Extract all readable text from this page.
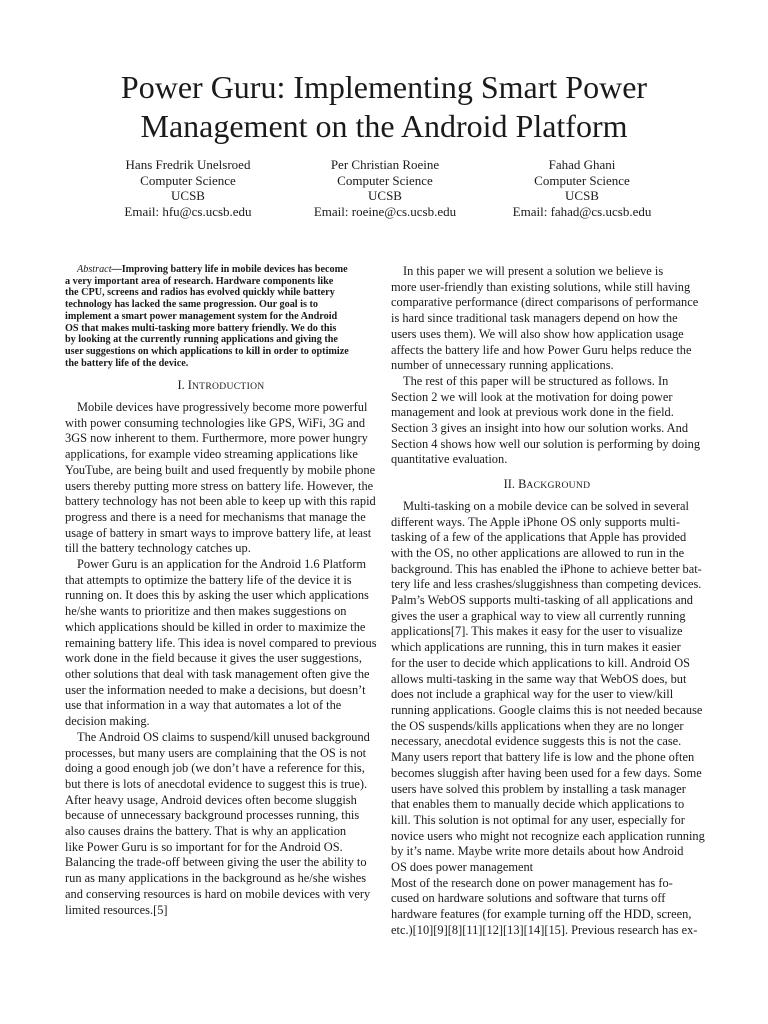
Power Guru: Implementing Smart Power
Management on the Android Platform
Hans Fredrik Unelsroed
Computer Science
UCSB
Email: hfu@cs.ucsb.edu
Per Christian Roeine
Computer Science
UCSB
Email: roeine@cs.ucsb.edu
Fahad Ghani
Computer Science
UCSB
Email: fahad@cs.ucsb.edu
Abstract—Improving battery life in mobile devices has become
a very important area of research. Hardware components like
the CPU, screens and radios has evolved quickly while battery
technology has lacked the same progression. Our goal is to
implement a smart power management system for the Android
OS that makes multi-tasking more battery friendly. We do this
by looking at the currently running applications and giving the
user suggestions on which applications to kill in order to optimize
the battery life of the device.
I. INTRODUCTION
Mobile devices have progressively become more powerful
with power consuming technologies like GPS, WiFi, 3G and
3GS now inherent to them. Furthermore, more power hungry
applications, for example video streaming applications like
YouTube, are being built and used frequently by mobile phone
users thereby putting more stress on battery life. However, the
battery technology has not been able to keep up with this rapid
progress and there is a need for mechanisms that manage the
usage of battery in smart ways to improve battery life, at least
till the battery technology catches up.
Power Guru is an application for the Android 1.6 Platform
that attempts to optimize the battery life of the device it is
running on. It does this by asking the user which applications
he/she wants to prioritize and then makes suggestions on
which applications should be killed in order to maximize the
remaining battery life. This idea is novel compared to previous
work done in the field because it gives the user suggestions,
other solutions that deal with task management often give the
user the information needed to make a decisions, but doesn’t
use that information in a way that automates a lot of the
decision making.
The Android OS claims to suspend/kill unused background
processes, but many users are complaining that the OS is not
doing a good enough job (we don’t have a reference for this,
but there is lots of anecdotal evidence to suggest this is true).
After heavy usage, Android devices often become sluggish
because of unnecessary background processes running, this
also causes drains the battery. That is why an application
like Power Guru is so important for for the Android OS.
Balancing the trade-off between giving the user the ability to
run as many applications in the background as he/she wishes
and conserving resources is hard on mobile devices with very
limited resources.[5]
In this paper we will present a solution we believe is
more user-friendly than existing solutions, while still having
comparative performance (direct comparisons of performance
is hard since traditional task managers depend on how the
users uses them). We will also show how application usage
affects the battery life and how Power Guru helps reduce the
number of unnecessary running applications.
The rest of this paper will be structured as follows. In
Section 2 we will look at the motivation for doing power
management and look at previous work done in the field.
Section 3 gives an insight into how our solution works. And
Section 4 shows how well our solution is performing by doing
quantitative evaluation.
II. BACKGROUND
Multi-tasking on a mobile device can be solved in several
different ways. The Apple iPhone OS only supports multi-
tasking of a few of the applications that Apple has provided
with the OS, no other applications are allowed to run in the
background. This has enabled the iPhone to achieve better bat-
tery life and less crashes/sluggishness than competing devices.
Palm’s WebOS supports multi-tasking of all applications and
gives the user a graphical way to view all currently running
applications[7]. This makes it easy for the user to visualize
which applications are running, this in turn makes it easier
for the user to decide which applications to kill. Android OS
allows multi-tasking in the same way that WebOS does, but
does not include a graphical way for the user to view/kill
running applications. Google claims this is not needed because
the OS suspends/kills applications when they are no longer
necessary, anecdotal evidence suggests this is not the case.
Many users report that battery life is low and the phone often
becomes sluggish after having been used for a few days. Some
users have solved this problem by installing a task manager
that enables them to manually decide which applications to
kill. This solution is not optimal for any user, especially for
novice users who might not recognize each application running
by it’s name. Maybe write more details about how Android
OS does power management
Most of the research done on power management has fo-
cused on hardware solutions and software that turns off
hardware features (for example turning off the HDD, screen,
etc.)[10][9][8][11][12][13][14][15]. Previous research has ex-
